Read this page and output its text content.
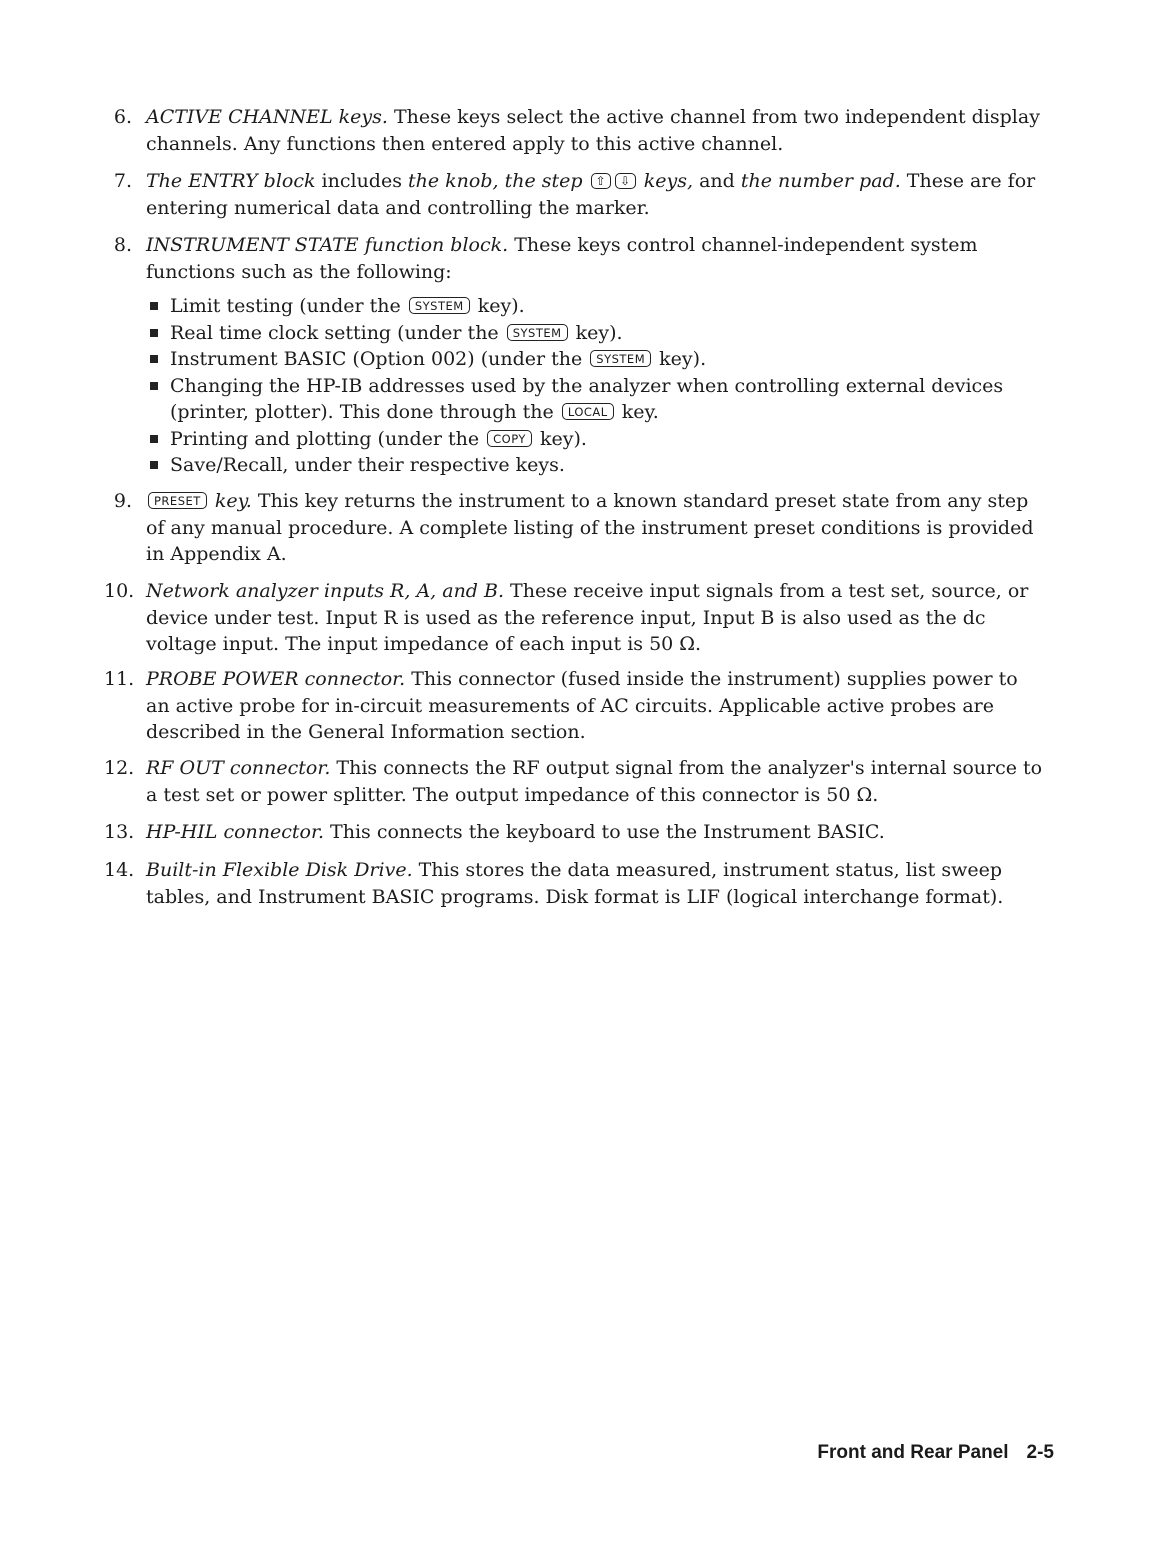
6. ACTIVE CHANNEL keys. These keys select the active channel from two independent display channels. Any functions then entered apply to this active channel.
7. The ENTRY block includes the knob, the step ⇧ ⇩ keys, and the number pad. These are for entering numerical data and controlling the marker.
8. INSTRUMENT STATE function block. These keys control channel-independent system functions such as the following:
Limit testing (under the SYSTEM key).
Real time clock setting (under the SYSTEM key).
Instrument BASIC (Option 002) (under the SYSTEM key).
Changing the HP-IB addresses used by the analyzer when controlling external devices (printer, plotter). This done through the LOCAL key.
Printing and plotting (under the COPY key).
Save/Recall, under their respective keys.
9. PRESET key. This key returns the instrument to a known standard preset state from any step of any manual procedure. A complete listing of the instrument preset conditions is provided in Appendix A.
10. Network analyzer inputs R, A, and B. These receive input signals from a test set, source, or device under test. Input R is used as the reference input, Input B is also used as the dc voltage input. The input impedance of each input is 50 Ω.
11. PROBE POWER connector. This connector (fused inside the instrument) supplies power to an active probe for in-circuit measurements of AC circuits. Applicable active probes are described in the General Information section.
12. RF OUT connector. This connects the RF output signal from the analyzer's internal source to a test set or power splitter. The output impedance of this connector is 50 Ω.
13. HP-HIL connector. This connects the keyboard to use the Instrument BASIC.
14. Built-in Flexible Disk Drive. This stores the data measured, instrument status, list sweep tables, and Instrument BASIC programs. Disk format is LIF (logical interchange format).
Front and Rear Panel 2-5
